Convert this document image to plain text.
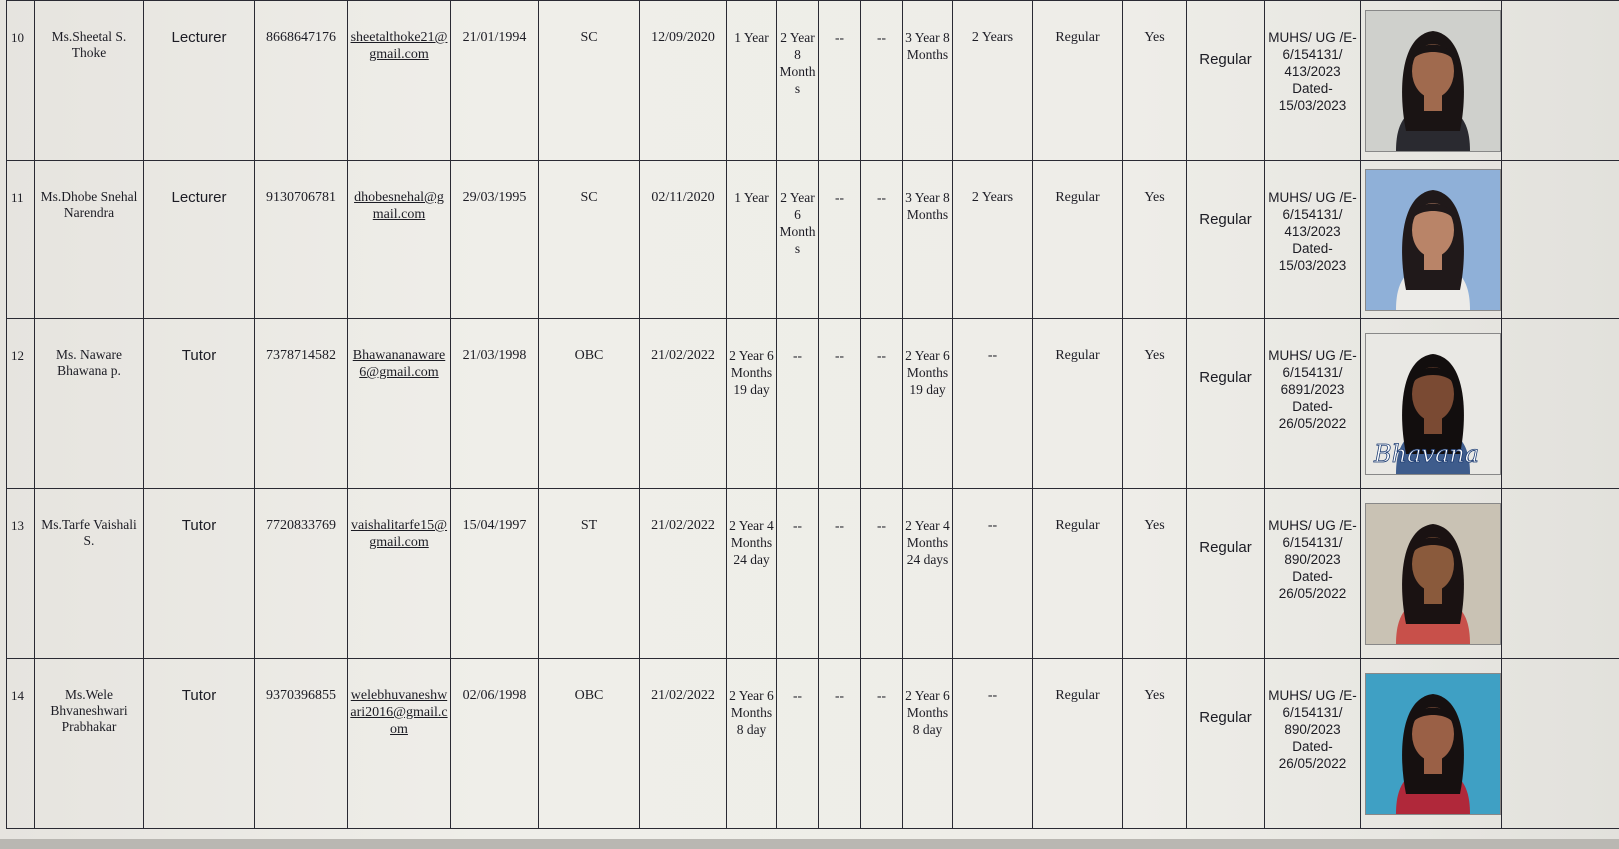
10	Ms.Sheetal S. Thoke	Lecturer	8668647176	sheetalthoke21@gmail.com	21/01/1994	SC	12/09/2020	1 Year	2 Year 8 Months	--	--	3 Year 8 Months	2 Years	Regular	Yes	Regular	MUHS/ UG /E-6/154131/ 413/2023 Dated- 15/03/2023	

11	Ms.Dhobe Snehal Narendra	Lecturer	9130706781	dhobesnehal@gmail.com	29/03/1995	SC	02/11/2020	1 Year	2 Year 6 Months	--	--	3 Year 8 Months	2 Years	Regular	Yes	Regular	MUHS/ UG /E-6/154131/ 413/2023 Dated- 15/03/2023	

12	Ms. Naware Bhawana p.	Tutor	7378714582	Bhawananaware6@gmail.com	21/03/1998	OBC	21/02/2022	2 Year 6 Months 19 day	--	--	--	2 Year 6 Months 19 day	--	Regular	Yes	Regular	MUHS/ UG /E-6/154131/ 6891/2023 Dated- 26/05/2022	Bhavana	

13	Ms.Tarfe Vaishali S.	Tutor	7720833769	vaishalitarfe15@gmail.com	15/04/1997	ST	21/02/2022	2 Year 4 Months 24 day	--	--	--	2 Year 4 Months 24 days	--	Regular	Yes	Regular	MUHS/ UG /E-6/154131/ 890/2023 Dated- 26/05/2022	

14	Ms.Wele Bhvaneshwari Prabhakar	Tutor	9370396855	welebhuvaneshwari2016@gmail.com	02/06/1998	OBC	21/02/2022	2 Year 6 Months 8 day	--	--	--	2 Year 6 Months 8 day	--	Regular	Yes	Regular	MUHS/ UG /E-6/154131/ 890/2023 Dated- 26/05/2022	
